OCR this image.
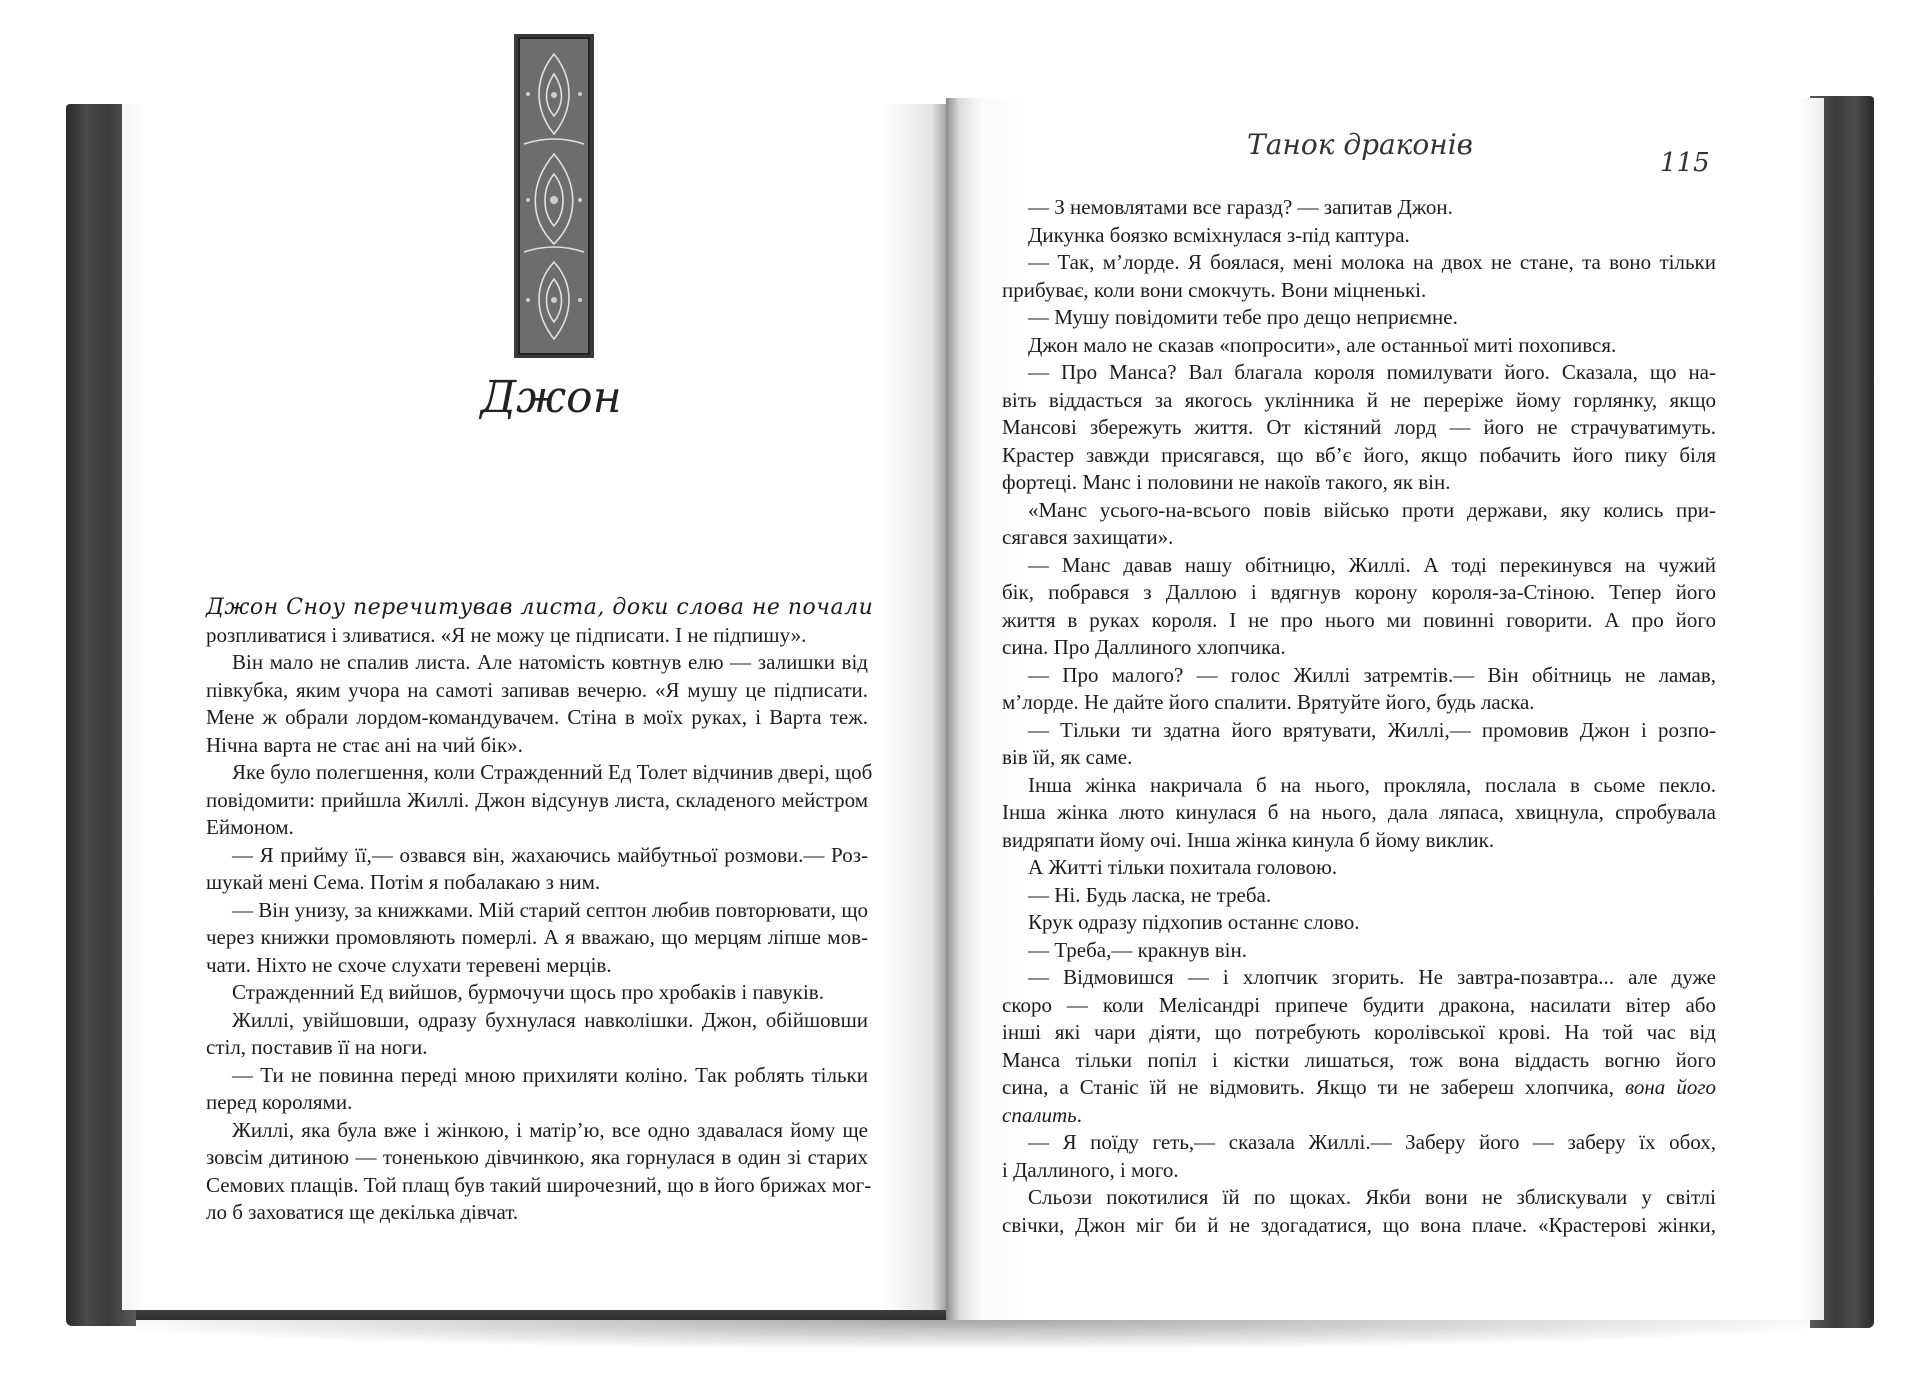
Джон
Танок драконів
115
Джон Сноу перечитував листа, доки слова не почали
розпливатися і зливатися. «Я не можу це підписати. І не підпишу».
Він мало не спалив листа. Але натомість ковтнув елю — залишки від
півкубка, яким учора на самоті запивав вечерю. «Я мушу це підписати.
Мене ж обрали лордом-командувачем. Стіна в моїх руках, і Варта теж.
Нічна варта не стає ані на чий бік».
Яке було полегшення, коли Стражденний Ед Толет відчинив двері, щоб
повідомити: прийшла Жиллі. Джон відсунув листа, складеного мейстром
Еймоном.
— Я прийму її,— озвався він, жахаючись майбутньої розмови.— Роз-
шукай мені Сема. Потім я побалакаю з ним.
— Він унизу, за книжками. Мій старий септон любив повторювати, що
через книжки промовляють померлі. А я вважаю, що мерцям ліпше мов-
чати. Ніхто не схоче слухати теревені мерців.
Стражденний Ед вийшов, бурмочучи щось про хробаків і павуків.
Жиллі, увійшовши, одразу бухнулася навколішки. Джон, обійшовши
стіл, поставив її на ноги.
— Ти не повинна переді мною прихиляти коліно. Так роблять тільки
перед королями.
Жиллі, яка була вже і жінкою, і матір’ю, все одно здавалася йому ще
зовсім дитиною — тоненькою дівчинкою, яка горнулася в один зі старих
Семових плащів. Той плащ був такий широчезний, що в його брижах мог-
ло б заховатися ще декілька дівчат.
— З немовлятами все гаразд? — запитав Джон.
Дикунка боязко всміхнулася з-під каптура.
— Так, м’лорде. Я боялася, мені молока на двох не стане, та воно тільки
прибуває, коли вони смокчуть. Вони міцненькі.
— Мушу повідомити тебе про дещо неприємне.
Джон мало не сказав «попросити», але останньої миті похопився.
— Про Манса? Вал благала короля помилувати його. Сказала, що на-
віть віддасться за якогось уклінника й не переріже йому горлянку, якщо
Мансові збережуть життя. От кістяний лорд — його не страчуватимуть.
Крастер завжди присягався, що вб’є його, якщо побачить його пику біля
фортеці. Манс і половини не накоїв такого, як він.
«Манс усього-на-всього повів військо проти держави, яку колись при-
сягався захищати».
— Манс давав нашу обітницю, Жиллі. А тоді перекинувся на чужий
бік, побрався з Даллою і вдягнув корону короля-за-Стіною. Тепер його
життя в руках короля. І не про нього ми повинні говорити. А про його
сина. Про Даллиного хлопчика.
— Про малого? — голос Жиллі затремтів.— Він обітниць не ламав,
м’лорде. Не дайте його спалити. Врятуйте його, будь ласка.
— Тільки ти здатна його врятувати, Жиллі,— промовив Джон і розпо-
вів їй, як саме.
Інша жінка накричала б на нього, прокляла, послала в сьоме пекло.
Інша жінка люто кинулася б на нього, дала ляпаса, хвицнула, спробувала
видряпати йому очі. Інша жінка кинула б йому виклик.
А Житті тільки похитала головою.
— Ні. Будь ласка, не треба.
Крук одразу підхопив останнє слово.
— Треба,— кракнув він.
— Відмовишся — і хлопчик згорить. Не завтра-позавтра... але дуже
скоро — коли Мелісандрі припече будити дракона, насилати вітер або
інші які чари діяти, що потребують королівської крові. На той час від
Манса тільки попіл і кістки лишаться, тож вона віддасть вогню його
сина, а Станіс їй не відмовить. Якщо ти не забереш хлопчика, вона його
спалить.
— Я поїду геть,— сказала Жиллі.— Заберу його — заберу їх обох,
і Даллиного, і мого.
Сльози покотилися їй по щоках. Якби вони не зблискували у світлі
свічки, Джон міг би й не здогадатися, що вона плаче. «Крастерові жінки,
